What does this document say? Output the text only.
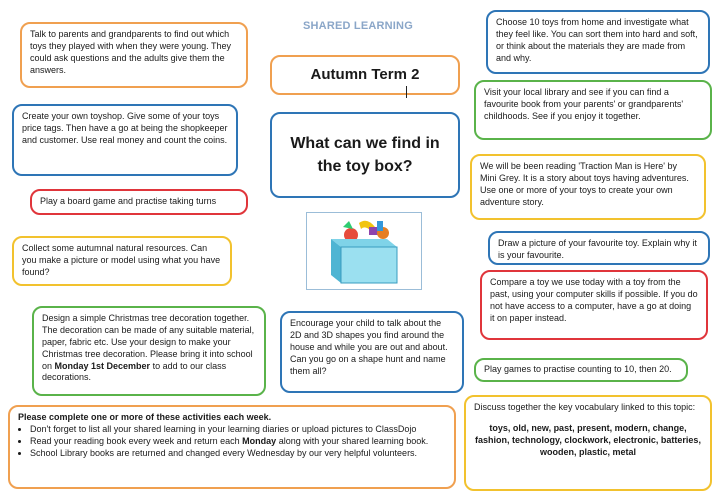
SHARED LEARNING
Talk to parents and grandparents to find out which toys they played with when they were young. They could ask questions and the adults give them the answers.
Create your own toyshop. Give some of your toys price tags. Then have a go at being the shopkeeper and customer. Use real money and count the coins.
Play a board game and practise taking turns
Collect some autumnal natural resources. Can you make a picture or model using what you have found?
Design a simple Christmas tree decoration together. The decoration can be made of any suitable material, paper, fabric etc. Use your design to make your Christmas tree decoration. Please bring it into school on Monday 1st December to add to our class decorations.
Autumn Term 2
What can we find in the toy box?
Encourage your child to talk about the 2D and 3D shapes you find around the house and while you are out and about. Can you go on a shape hunt and name them all?
Choose 10 toys from home and investigate what they feel like. You can sort them into hard and soft, or think about the materials they are made from and why.
Visit your local library and see if you can find a favourite book from your parents' or grandparents' childhoods. See if you enjoy it together.
We will be been reading 'Traction Man is Here' by Mini Grey. It is a story about toys having adventures. Use one or more of your toys to create your own adventure story.
Draw a picture of your favourite toy. Explain why it is your favourite.
Compare a toy we use today with a toy from the past, using your computer skills if possible. If you do not have access to a computer, have a go at doing it on paper instead.
Play games to practise counting to 10, then 20.
Discuss together the key vocabulary linked to this topic:
toys, old, new, past, present, modern, change, fashion, technology, clockwork, electronic, batteries, wooden, plastic, metal
Please complete one or more of these activities each week.
• Don't forget to list all your shared learning in your learning diaries or upload pictures to ClassDojo
• Read your reading book every week and return each Monday along with your shared learning book.
• School Library books are returned and changed every Wednesday by our very helpful volunteers.
